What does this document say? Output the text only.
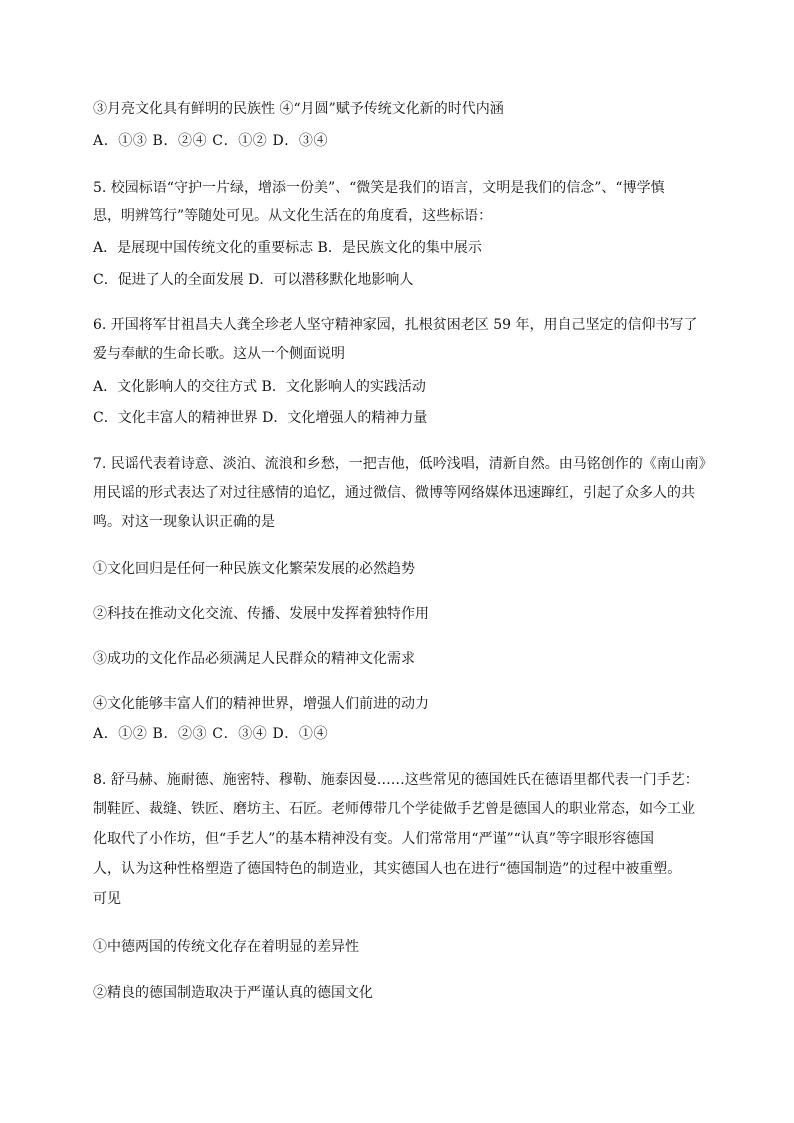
③月亮文化具有鲜明的民族性 ④“月圆”赋予传统文化新的时代内涵
A．①③ B．②④ C．①② D．③④
5. 校园标语“守护一片绿，增添一份美”、“微笑是我们的语言，文明是我们的信念”、“博学慎
思，明辨笃行”等随处可见。从文化生活在的角度看，这些标语：
A．是展现中国传统文化的重要标志 B．是民族文化的集中展示
C．促进了人的全面发展 D．可以潜移默化地影响人
6. 开国将军甘祖昌夫人龚全珍老人坚守精神家园，扎根贫困老区 59 年，用自己坚定的信仰书写了
爱与奉献的生命长歌。这从一个侧面说明
A．文化影响人的交往方式 B．文化影响人的实践活动
C．文化丰富人的精神世界 D．文化增强人的精神力量
7. 民谣代表着诗意、淡泊、流浪和乡愁，一把吉他，低吟浅唱，清新自然。由马铭创作的《南山南》
用民谣的形式表达了对过往感情的追忆，通过微信、微博等网络媒体迅速蹿红，引起了众多人的共
鸣。对这一现象认识正确的是
①文化回归是任何一种民族文化繁荣发展的必然趋势
②科技在推动文化交流、传播、发展中发挥着独特作用
③成功的文化作品必须满足人民群众的精神文化需求
④文化能够丰富人们的精神世界，增强人们前进的动力
A．①② B．②③ C．③④ D．①④
8. 舒马赫、施耐德、施密特、穆勒、施泰因曼……这些常见的德国姓氏在德语里都代表一门手艺：
制鞋匠、裁缝、铁匠、磨坊主、石匠。老师傅带几个学徒做手艺曾是德国人的职业常态，如今工业
化取代了小作坊，但“手艺人”的基本精神没有变。人们常常用“严谨”“认真”等字眼形容德国
人，认为这种性格塑造了德国特色的制造业，其实德国人也在进行“德国制造”的过程中被重塑。
可见
①中德两国的传统文化存在着明显的差异性
②精良的德国制造取决于严谨认真的德国文化
